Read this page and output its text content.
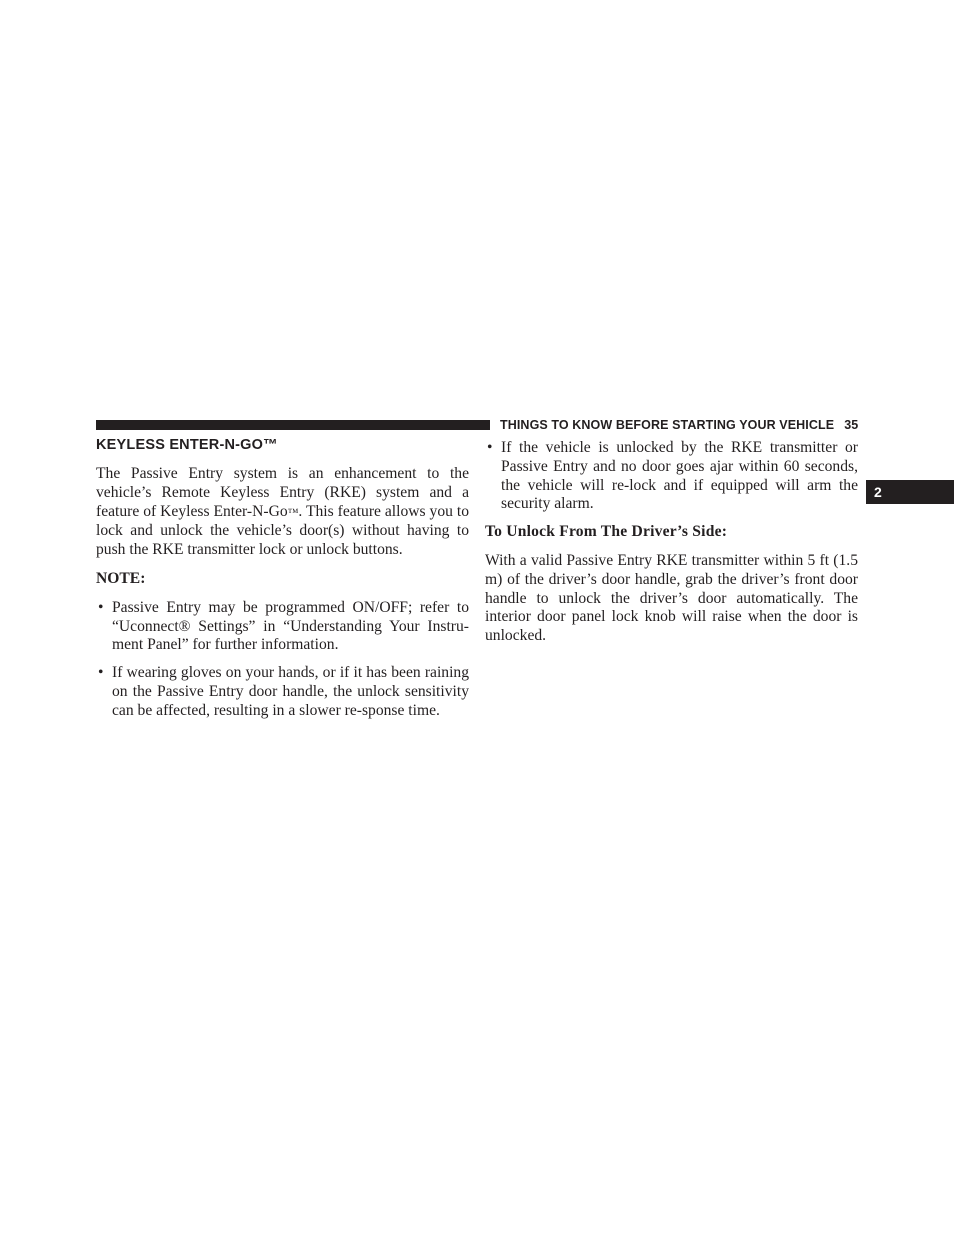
THINGS TO KNOW BEFORE STARTING YOUR VEHICLE 35
2
KEYLESS ENTER-N-GO™

The Passive Entry system is an enhancement to the vehicle’s Remote Keyless Entry (RKE) system and a feature of Keyless Enter-N-Go™. This feature allows you to lock and unlock the vehicle’s door(s) without having to push the RKE transmitter lock or unlock buttons.

NOTE:
• Passive Entry may be programmed ON/OFF; refer to “Uconnect® Settings” in “Understanding Your Instru-ment Panel” for further information.
• If wearing gloves on your hands, or if it has been raining on the Passive Entry door handle, the unlock sensitivity can be affected, resulting in a slower re-sponse time.
• If the vehicle is unlocked by the RKE transmitter or Passive Entry and no door goes ajar within 60 seconds, the vehicle will re-lock and if equipped will arm the security alarm.
To Unlock From The Driver’s Side:

With a valid Passive Entry RKE transmitter within 5 ft (1.5 m) of the driver’s door handle, grab the driver’s front door handle to unlock the driver’s door automatically. The interior door panel lock knob will raise when the door is unlocked.
